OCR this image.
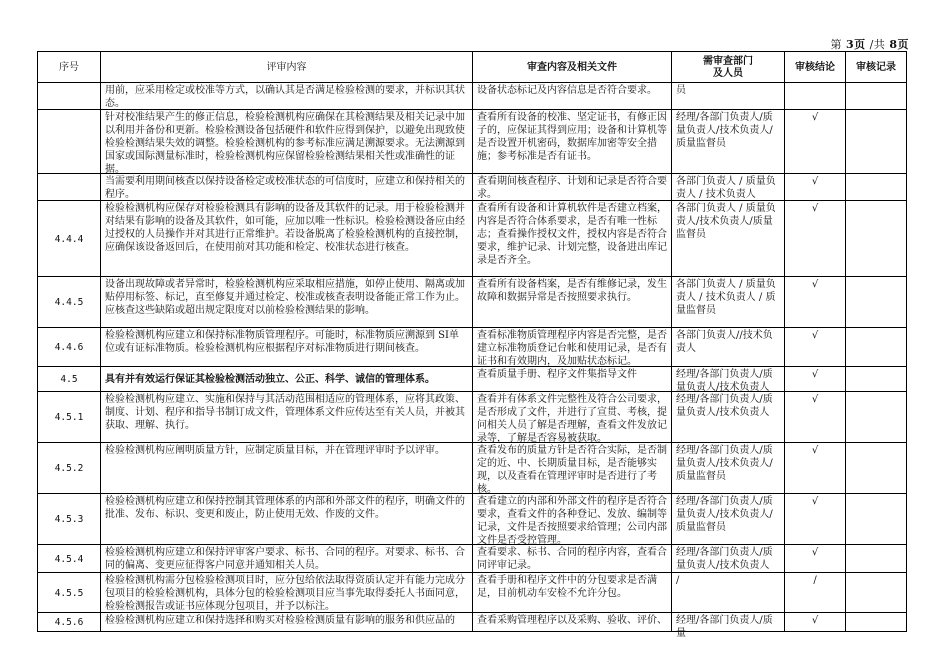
第 3页 /共 8页
序号	评审内容	审查内容及相关文件	需审查部门
及人员	审核结论	审核记录

	用前，应采用检定或校准等方式，以确认其是否满足检验检测的要求，并标识其状态。	设备状态标记及内容信息是否符合要求。	员		

	针对校准结果产生的修正信息，检验检测机构应确保在其检测结果及相关记录中加以利用并备份和更新。检验检测设备包括硬件和软件应得到保护，以避免出现致使检验检测结果失效的调整。检验检测机构的参考标准应满足溯源要求。无法溯源到国家或国际测量标准时，检验检测机构应保留检验检测结果相关性或准确性的证据。	查看所有设备的校准、坚定证书，有修正因子的，应保证其得到应用；设备和计算机等是否设置开机密码，数据库加密等安全措施；参考标准是否有证书。	经理/各部门负责人/质量负责人/技术负责人/质量监督员	√	

	当需要利用期间核查以保持设备检定或校准状态的可信度时，应建立和保持相关的程序。	查看期间核查程序、计划和记录是否符合要求。	各部门负责人 / 质量负责人 / 技术负责人	√	

4.4.4	检验检测机构应保存对检验检测具有影响的设备及其软件的记录。用于检验检测并对结果有影响的设备及其软件，如可能，应加以唯一性标识。检验检测设备应由经过授权的人员操作并对其进行正常维护。若设备脱离了检验检测机构的直接控制，应确保该设备返回后，在使用前对其功能和检定、校准状态进行核查。	查看所有设备和计算机软件是否建立档案，内容是否符合体系要求，是否有唯一性标志；查看操作授权文件，授权内容是否符合要求，维护记录、计划完整，设备进出库记录是否齐全。	各部门负责人 / 质量负责人/技术负责人/质量监督员	√	

4.4.5	设备出现故障或者异常时，检验检测机构应采取相应措施，如停止使用、隔离或加贴停用标签、标记，直至修复并通过检定、校准或核查表明设备能正常工作为止。应核查这些缺陷或超出规定限度对以前检验检测结果的影响。	查看所有设备档案，是否有维修记录，发生故障和数据异常是否按照要求执行。	各部门负责人 / 质量负责人 / 技术负责人 / 质量监督员	√	

4.4.6	检验检测机构应建立和保持标准物质管理程序。可能时，标准物质应溯源到 SI单位或有证标准物质。检验检测机构应根据程序对标准物质进行期间核查。	查看标准物质管理程序内容是否完整，是否建立标准物质登记台帐和使用记录，是否有证书和有效期内，及加贴状态标记。	各部门负责人//技术负责人	√	

4.5	具有并有效运行保证其检验检测活动独立、公正、科学、诚信的管理体系。	查看质量手册、程序文件集指导文件	经理/各部门负责人/质量负责人/技术负责人	√	

4.5.1	检验检测机构应建立、实施和保持与其活动范围相适应的管理体系，应将其政策、制度、计划、程序和指导书制订成文件，管理体系文件应传达至有关人员，并被其获取、理解、执行。	查看并有体系文件完整性及符合公司要求，是否形成了文件，并进行了宣贯、考核，提问相关人员了解是否理解，查看文件发放记录等，了解是否容易被获取。	经理/各部门负责人/质量负责人/技术负责人	√	

4.5.2	检验检测机构应阐明质量方针，应制定质量目标，并在管理评审时予以评审。	查看发布的质量方针是否符合实际，是否制定的近、中、长期质量目标，是否能够实现，以及查看在管理评审时是否进行了考核。	经理/各部门负责人/质量负责人/技术负责人/质量监督员	√	

4.5.3	检验检测机构应建立和保持控制其管理体系的内部和外部文件的程序，明确文件的批准、发布、标识、变更和废止，防止使用无效、作废的文件。	查看建立的内部和外部文件的程序是否符合要求，查看文件的各种登记、发放、编制等记录，文件是否按照要求给管理；公司内部文件是否受控管理。	经理/各部门负责人/质量负责人/技术负责人/质量监督员	√	

4.5.4	检验检测机构应建立和保持评审客户要求、标书、合同的程序。对要求、标书、合同的偏离、变更应征得客户同意并通知相关人员。	查看要求、标书、合同的程序内容，查看合同评审记录。	经理/各部门负责人/质量负责人/技术负责人	√	

4.5.5	检验检测机构需分包检验检测项目时，应分包给依法取得资质认定并有能力完成分包项目的检验检测机构，具体分包的检验检测项目应当事先取得委托人书面同意，检验检测报告或证书应体现分包项目，并予以标注。	查看手册和程序文件中的分包要求是否满足，目前机动车安检不允许分包。	/	/	

4.5.6	检验检测机构应建立和保持选择和购买对检验检测质量有影响的服务和供应品的	查看采购管理程序以及采购、验收、评价、	经理/各部门负责人/质量	√	
